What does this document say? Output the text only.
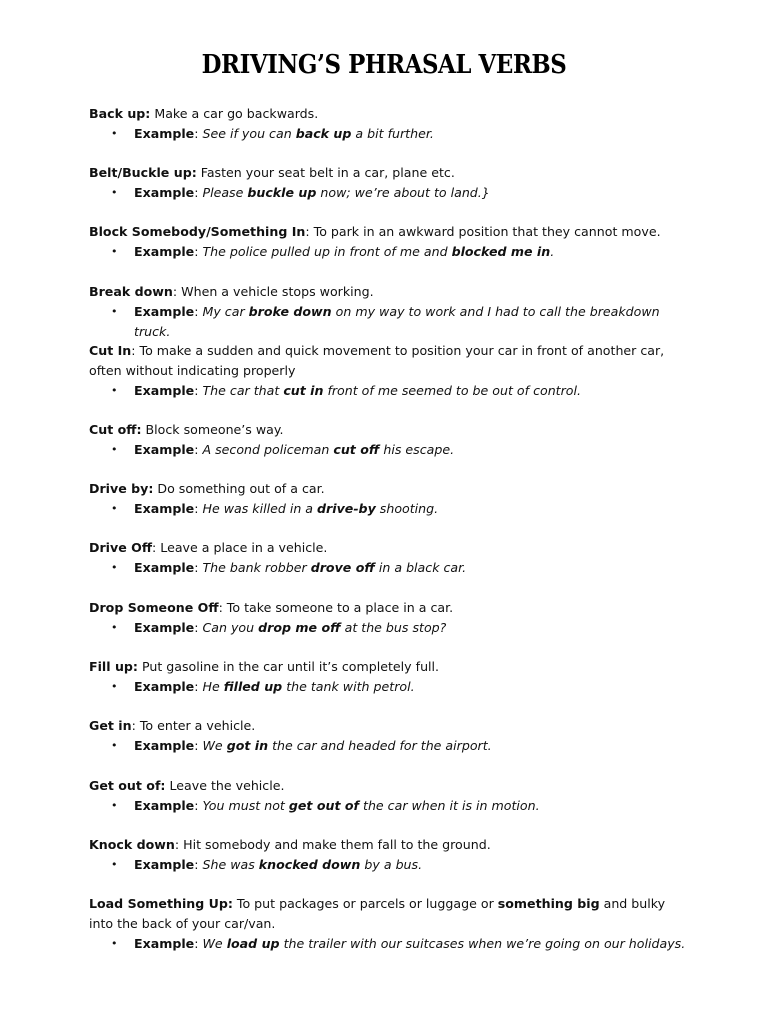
DRIVING’S PHRASAL VERBS
Back up: Make a car go backwards.
• Example: See if you can back up a bit further.
Belt/Buckle up: Fasten your seat belt in a car, plane etc.
• Example: Please buckle up now; we’re about to land.}
Block Somebody/Something In: To park in an awkward position that they cannot move.
• Example: The police pulled up in front of me and blocked me in.
Break down: When a vehicle stops working.
• Example: My car broke down on my way to work and I had to call the breakdown truck.
Cut In: To make a sudden and quick movement to position your car in front of another car, often without indicating properly
• Example: The car that cut in front of me seemed to be out of control.
Cut off: Block someone’s way.
• Example: A second policeman cut off his escape.
Drive by: Do something out of a car.
• Example: He was killed in a drive-by shooting.
Drive Off: Leave a place in a vehicle.
• Example: The bank robber drove off in a black car.
Drop Someone Off: To take someone to a place in a car.
• Example: Can you drop me off at the bus stop?
Fill up: Put gasoline in the car until it’s completely full.
• Example: He filled up the tank with petrol.
Get in: To enter a vehicle.
• Example: We got in the car and headed for the airport.
Get out of: Leave the vehicle.
• Example: You must not get out of the car when it is in motion.
Knock down: Hit somebody and make them fall to the ground.
• Example: She was knocked down by a bus.
Load Something Up: To put packages or parcels or luggage or something big and bulky into the back of your car/van.
• Example: We load up the trailer with our suitcases when we’re going on our holidays.
